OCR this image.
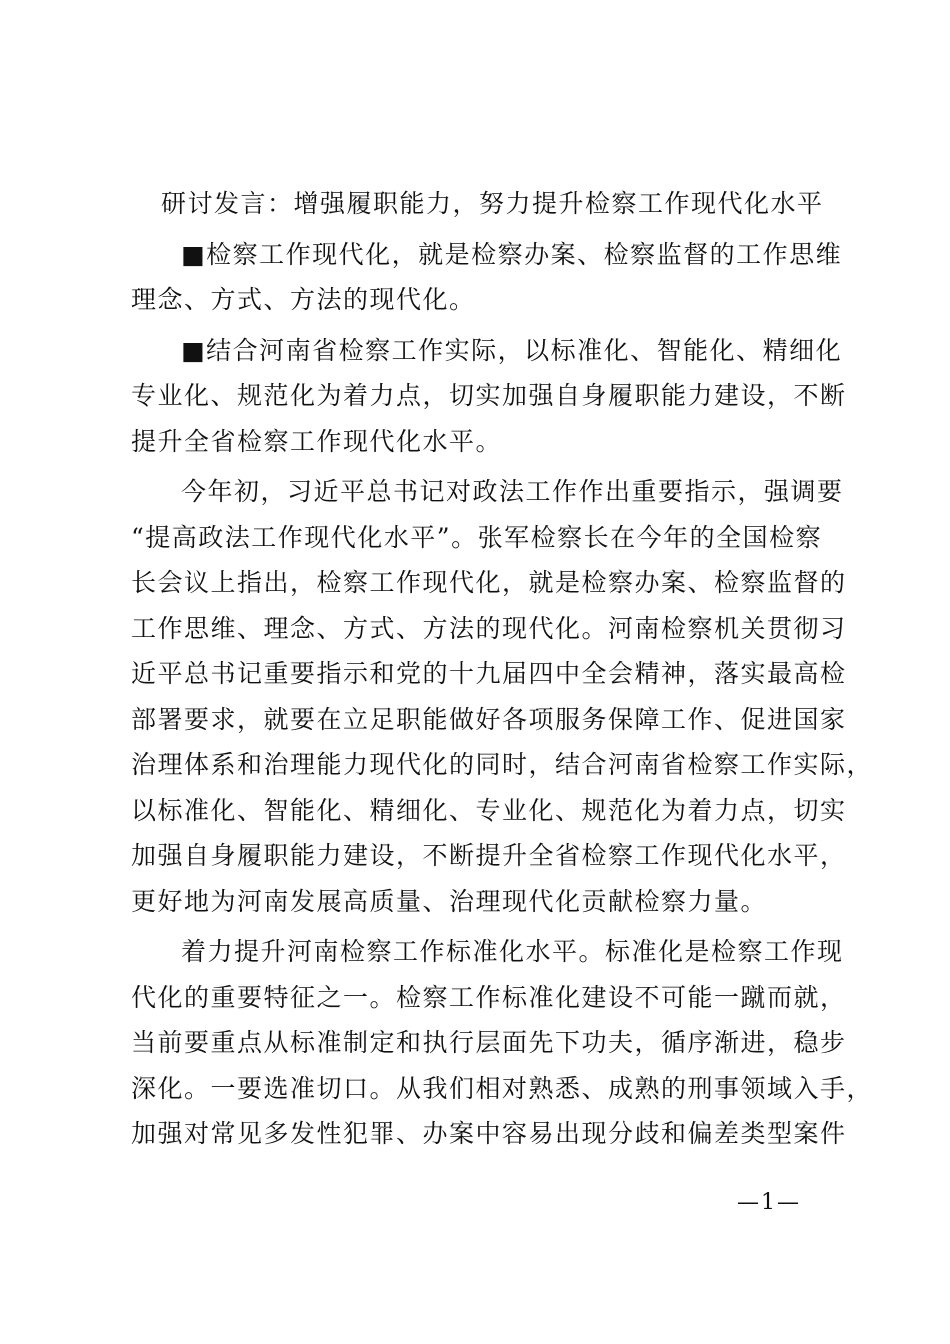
研讨发言：增强履职能力，努力提升检察工作现代化水平

■检察工作现代化，就是检察办案、检察监督的工作思维
理念、方式、方法的现代化。

■结合河南省检察工作实际，以标准化、智能化、精细化
专业化、规范化为着力点，切实加强自身履职能力建设，不断
提升全省检察工作现代化水平。

今年初，习近平总书记对政法工作作出重要指示，强调要
“提高政法工作现代化水平”。张军检察长在今年的全国检察
长会议上指出，检察工作现代化，就是检察办案、检察监督的
工作思维、理念、方式、方法的现代化。河南检察机关贯彻习
近平总书记重要指示和党的十九届四中全会精神，落实最高检
部署要求，就要在立足职能做好各项服务保障工作、促进国家
治理体系和治理能力现代化的同时，结合河南省检察工作实际，
以标准化、智能化、精细化、专业化、规范化为着力点，切实
加强自身履职能力建设，不断提升全省检察工作现代化水平，
更好地为河南发展高质量、治理现代化贡献检察力量。

着力提升河南检察工作标准化水平。标准化是检察工作现
代化的重要特征之一。检察工作标准化建设不可能一蹴而就，
当前要重点从标准制定和执行层面先下功夫，循序渐进，稳步
深化。一要选准切口。从我们相对熟悉、成熟的刑事领域入手，
加强对常见多发性犯罪、办案中容易出现分歧和偏差类型案件

—1—
